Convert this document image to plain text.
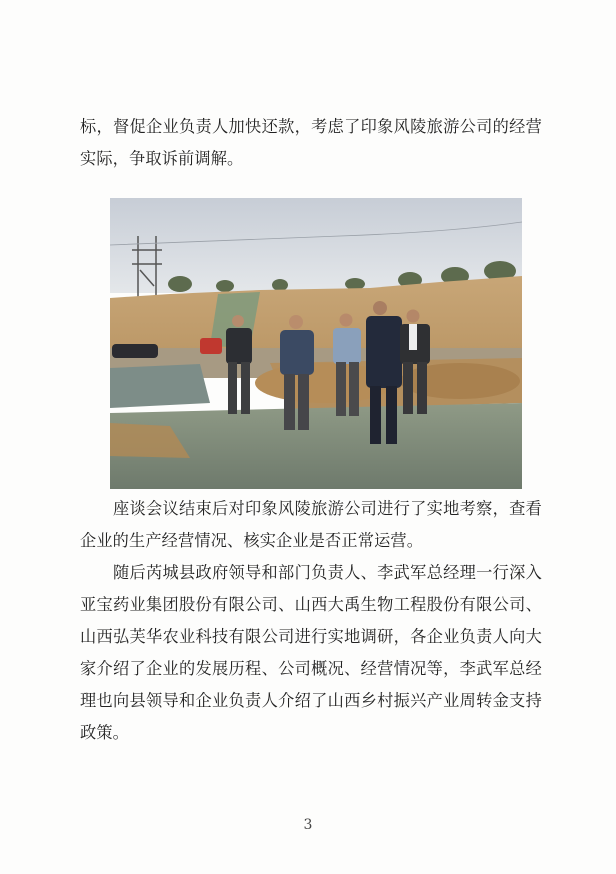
标，督促企业负责人加快还款，考虑了印象风陵旅游公司的经营实际，争取诉前调解。

座谈会议结束后对印象风陵旅游公司进行了实地考察，查看企业的生产经营情况、核实企业是否正常运营。

随后芮城县政府领导和部门负责人、李武军总经理一行深入亚宝药业集团股份有限公司、山西大禹生物工程股份有限公司、山西弘芙华农业科技有限公司进行实地调研，各企业负责人向大家介绍了企业的发展历程、公司概况、经营情况等，李武军总经理也向县领导和企业负责人介绍了山西乡村振兴产业周转金支持政策。

3
